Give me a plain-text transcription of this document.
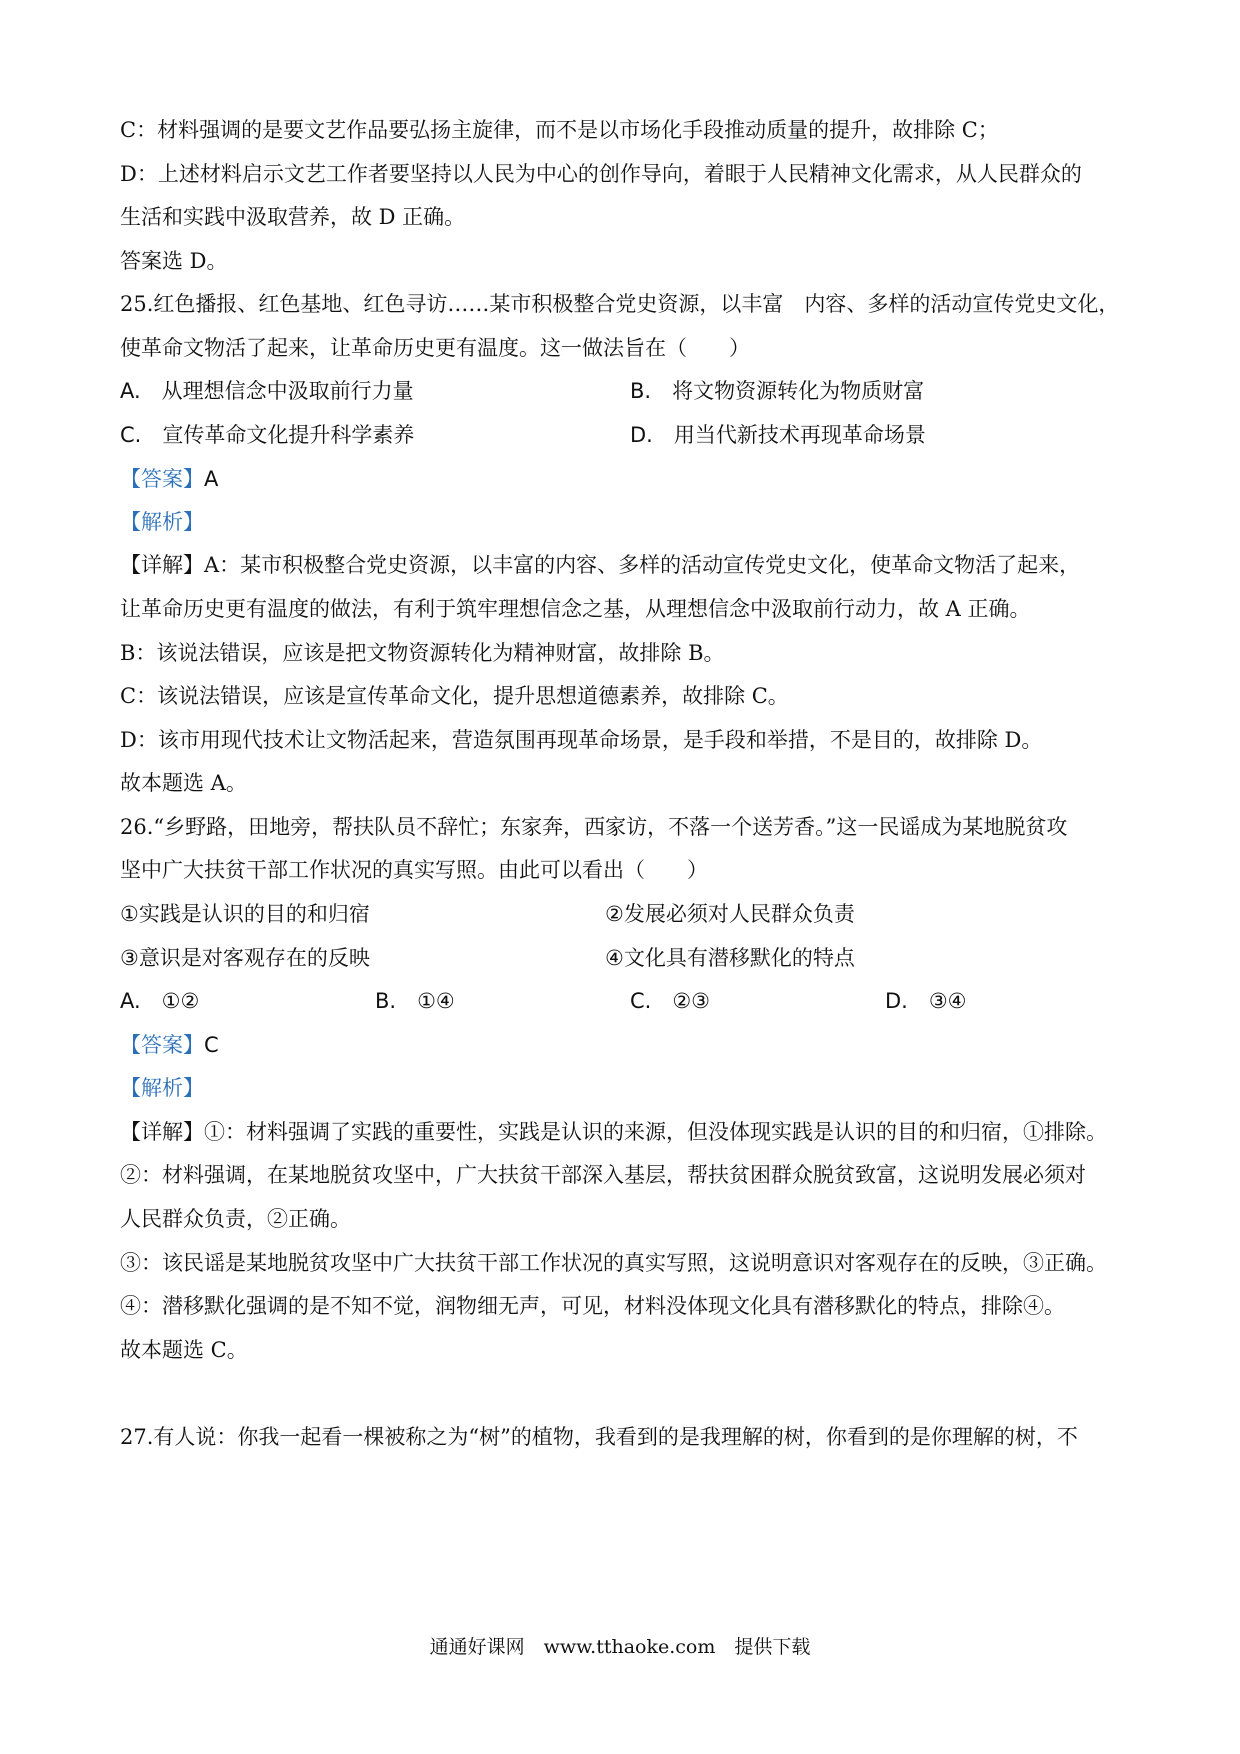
C：材料强调的是要文艺作品要弘扬主旋律，而不是以市场化手段推动质量的提升，故排除 C；
D：上述材料启示文艺工作者要坚持以人民为中心的创作导向，着眼于人民精神文化需求，从人民群众的
生活和实践中汲取营养，故 D 正确。
答案选 D。
25.红色播报、红色基地、红色寻访……某市积极整合党史资源，以丰富　内容、多样的活动宣传党史文化，
使革命文物活了起来，让革命历史更有温度。这一做法旨在（　　）
A.　从理想信念中汲取前行力量	B.　将文物资源转化为物质财富
C.　宣传革命文化提升科学素养	D.　用当代新技术再现革命场景
【答案】A
【解析】
【详解】A：某市积极整合党史资源，以丰富的内容、多样的活动宣传党史文化，使革命文物活了起来，
让革命历史更有温度的做法，有利于筑牢理想信念之基，从理想信念中汲取前行动力，故 A 正确。
B：该说法错误，应该是把文物资源转化为精神财富，故排除 B。
C：该说法错误，应该是宣传革命文化，提升思想道德素养，故排除 C。
D：该市用现代技术让文物活起来，营造氛围再现革命场景，是手段和举措，不是目的，故排除 D。
故本题选 A。
26.“乡野路，田地旁，帮扶队员不辞忙；东家奔，西家访，不落一个送芳香。”这一民谣成为某地脱贫攻
坚中广大扶贫干部工作状况的真实写照。由此可以看出（　　）
①实践是认识的目的和归宿	②发展必须对人民群众负责
③意识是对客观存在的反映	④文化具有潜移默化的特点
A.　①②	B.　①④	C.　②③	D.　③④
【答案】C
【解析】
【详解】①：材料强调了实践的重要性，实践是认识的来源，但没体现实践是认识的目的和归宿，①排除。
②：材料强调，在某地脱贫攻坚中，广大扶贫干部深入基层，帮扶贫困群众脱贫致富，这说明发展必须对
人民群众负责，②正确。
③：该民谣是某地脱贫攻坚中广大扶贫干部工作状况的真实写照，这说明意识对客观存在的反映，③正确。
④：潜移默化强调的是不知不觉，润物细无声，可见，材料没体现文化具有潜移默化的特点，排除④。
故本题选 C。
27.有人说：你我一起看一棵被称之为“树”的植物，我看到的是我理解的树，你看到的是你理解的树，不
通通好课网　www.tthaoke.com　提供下载
